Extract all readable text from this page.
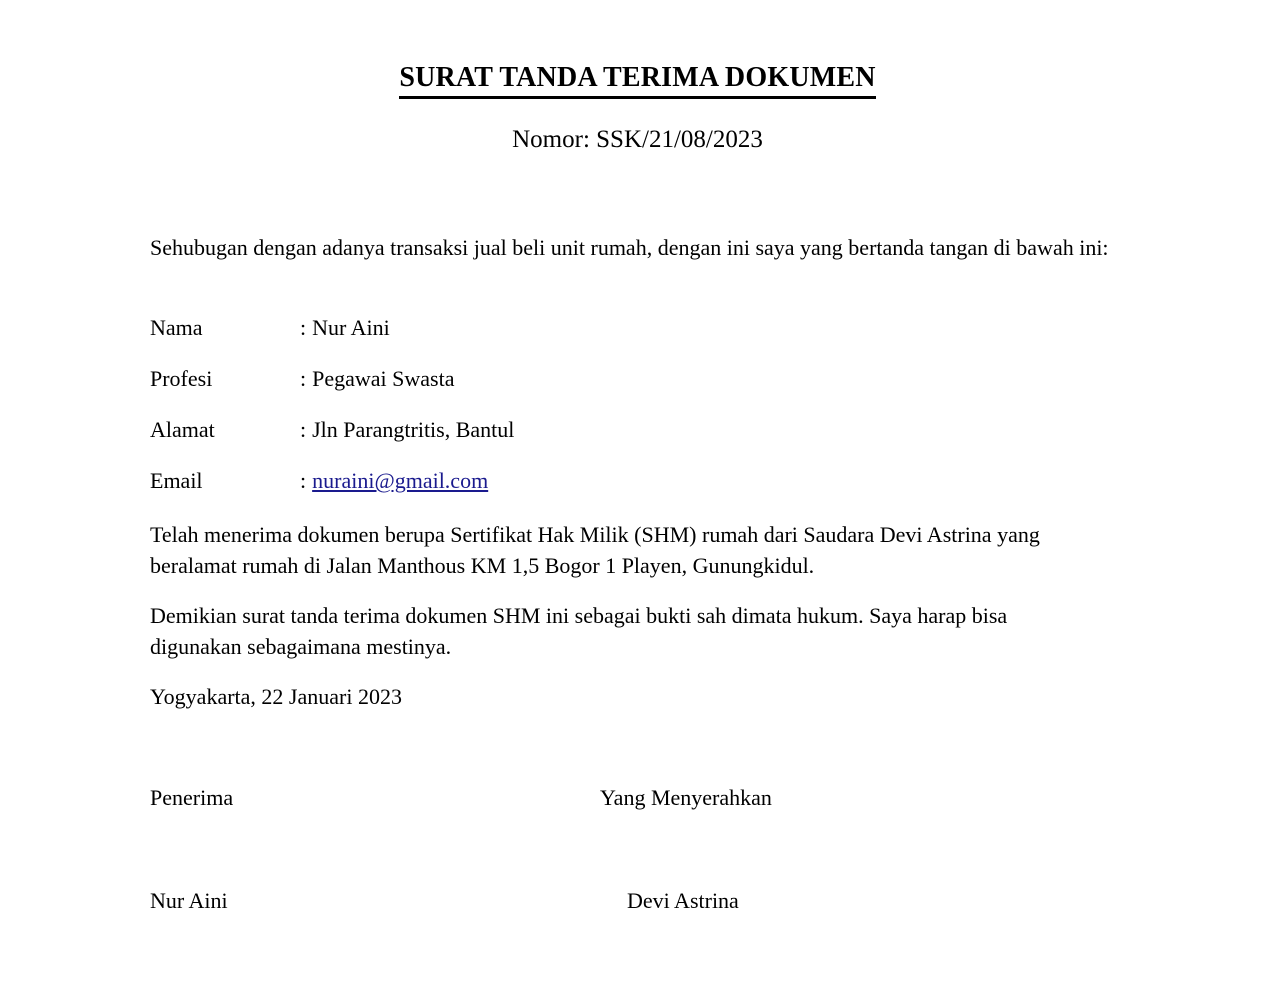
SURAT TANDA TERIMA DOKUMEN
Nomor: SSK/21/08/2023
Sehubugan dengan adanya transaksi jual beli unit rumah, dengan ini saya yang bertanda tangan di bawah ini:
Nama	: Nur Aini
Profesi	: Pegawai Swasta
Alamat	: Jln Parangtritis, Bantul
Email	: nuraini@gmail.com
Telah menerima dokumen berupa Sertifikat Hak Milik (SHM) rumah dari Saudara Devi Astrina yang beralamat rumah di Jalan Manthous KM 1,5 Bogor 1 Playen, Gunungkidul.
Demikian surat tanda terima dokumen SHM ini sebagai bukti sah dimata hukum. Saya harap bisa digunakan sebagaimana mestinya.
Yogyakarta, 22 Januari 2023
Penerima	Yang Menyerahkan
Nur Aini	Devi Astrina
